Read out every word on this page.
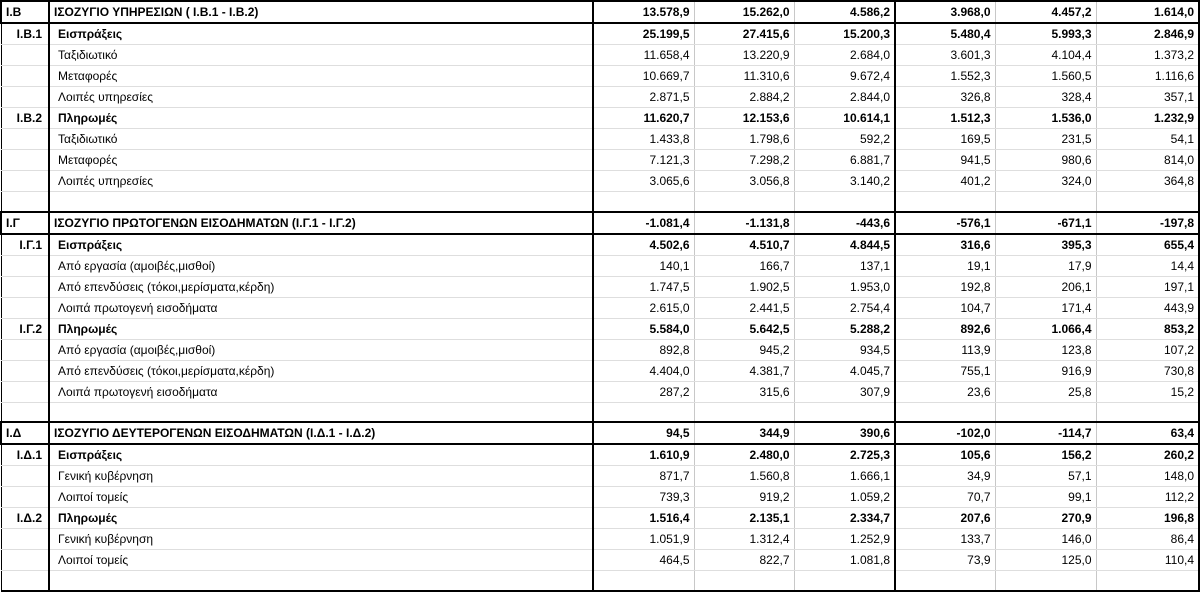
Ι.Β	ΙΣΟΖΥΓΙΟ ΥΠΗΡΕΣΙΩΝ ( Ι.Β.1 - Ι.Β.2)	13.578,9	15.262,0	4.586,2	3.968,0	4.457,2	1.614,0
Ι.Β.1	Εισπράξεις	25.199,5	27.415,6	15.200,3	5.480,4	5.993,3	2.846,9
	Ταξιδιωτικό	11.658,4	13.220,9	2.684,0	3.601,3	4.104,4	1.373,2
	Μεταφορές	10.669,7	11.310,6	9.672,4	1.552,3	1.560,5	1.116,6
	Λοιπές υπηρεσίες	2.871,5	2.884,2	2.844,0	326,8	328,4	357,1
Ι.Β.2	Πληρωμές	11.620,7	12.153,6	10.614,1	1.512,3	1.536,0	1.232,9
	Ταξιδιωτικό	1.433,8	1.798,6	592,2	169,5	231,5	54,1
	Μεταφορές	7.121,3	7.298,2	6.881,7	941,5	980,6	814,0
	Λοιπές υπηρεσίες	3.065,6	3.056,8	3.140,2	401,2	324,0	364,8

Ι.Γ	ΙΣΟΖΥΓΙΟ ΠΡΩΤΟΓΕΝΩΝ ΕΙΣΟΔΗΜΑΤΩΝ (Ι.Γ.1 - Ι.Γ.2)	-1.081,4	-1.131,8	-443,6	-576,1	-671,1	-197,8
Ι.Γ.1	Εισπράξεις	4.502,6	4.510,7	4.844,5	316,6	395,3	655,4
	Από εργασία (αμοιβές,μισθοί)	140,1	166,7	137,1	19,1	17,9	14,4
	Από επενδύσεις (τόκοι,μερίσματα,κέρδη)	1.747,5	1.902,5	1.953,0	192,8	206,1	197,1
	Λοιπά πρωτογενή εισοδήματα	2.615,0	2.441,5	2.754,4	104,7	171,4	443,9
Ι.Γ.2	Πληρωμές	5.584,0	5.642,5	5.288,2	892,6	1.066,4	853,2
	Από εργασία (αμοιβές,μισθοί)	892,8	945,2	934,5	113,9	123,8	107,2
	Από επενδύσεις (τόκοι,μερίσματα,κέρδη)	4.404,0	4.381,7	4.045,7	755,1	916,9	730,8
	Λοιπά πρωτογενή εισοδήματα	287,2	315,6	307,9	23,6	25,8	15,2

Ι.Δ	ΙΣΟΖΥΓΙΟ ΔΕΥΤΕΡΟΓΕΝΩΝ ΕΙΣΟΔΗΜΑΤΩΝ (Ι.Δ.1 - Ι.Δ.2)	94,5	344,9	390,6	-102,0	-114,7	63,4
Ι.Δ.1	Εισπράξεις	1.610,9	2.480,0	2.725,3	105,6	156,2	260,2
	Γενική κυβέρνηση	871,7	1.560,8	1.666,1	34,9	57,1	148,0
	Λοιποί τομείς	739,3	919,2	1.059,2	70,7	99,1	112,2
Ι.Δ.2	Πληρωμές	1.516,4	2.135,1	2.334,7	207,6	270,9	196,8
	Γενική κυβέρνηση	1.051,9	1.312,4	1.252,9	133,7	146,0	86,4
	Λοιποί τομείς	464,5	822,7	1.081,8	73,9	125,0	110,4
